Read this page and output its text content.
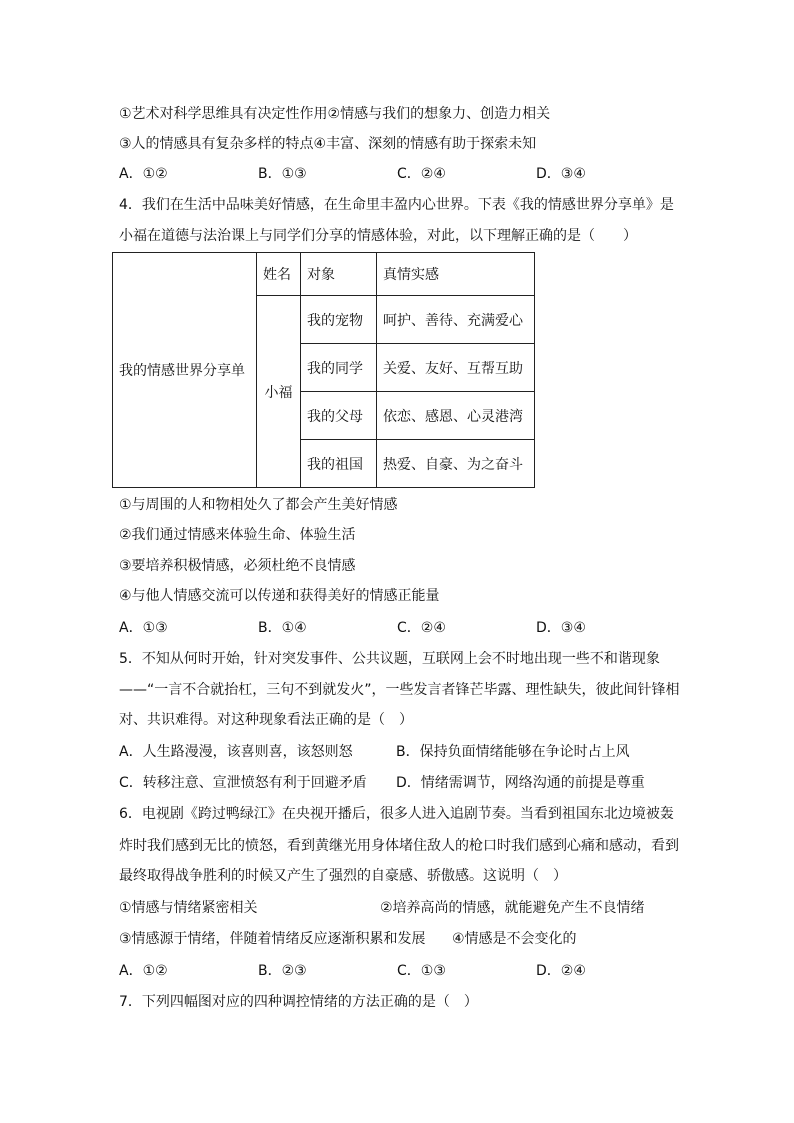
①艺术对科学思维具有决定性作用②情感与我们的想象力、创造力相关
③人的情感具有复杂多样的特点④丰富、深刻的情感有助于探索未知
A．①②	B．①③	C．②④	D．③④
4．我们在生活中品味美好情感，在生命里丰盈内心世界。下表《我的情感世界分享单》是
小福在道德与法治课上与同学们分享的情感体验，对此，以下理解正确的是（　　）
我的情感世界分享单	姓名	对象	真情实感
	小福	我的宠物	呵护、善待、充满爱心
		我的同学	关爱、友好、互帮互助
		我的父母	依恋、感恩、心灵港湾
		我的祖国	热爱、自豪、为之奋斗
①与周围的人和物相处久了都会产生美好情感
②我们通过情感来体验生命、体验生活
③要培养积极情感，必须杜绝不良情感
④与他人情感交流可以传递和获得美好的情感正能量
A．①③	B．①④	C．②④	D．③④
5．不知从何时开始，针对突发事件、公共议题，互联网上会不时地出现一些不和谐现象
——“一言不合就抬杠，三句不到就发火”，一些发言者锋芒毕露、理性缺失，彼此间针锋相
对、共识难得。对这种现象看法正确的是（　）
A．人生路漫漫，该喜则喜，该怒则怒	B．保持负面情绪能够在争论时占上风
C．转移注意、宣泄愤怒有利于回避矛盾 D．情绪需调节，网络沟通的前提是尊重
6．电视剧《跨过鸭绿江》在央视开播后，很多人进入追剧节奏。当看到祖国东北边境被轰
炸时我们感到无比的愤怒，看到黄继光用身体堵住敌人的枪口时我们感到心痛和感动，看到
最终取得战争胜利的时候又产生了强烈的自豪感、骄傲感。这说明（　）
①情感与情绪紧密相关	②培养高尚的情感，就能避免产生不良情绪
③情感源于情绪，伴随着情绪反应逐渐积累和发展 ④情感是不会变化的
A．①②	B．②③	C．①③	D．②④
7．下列四幅图对应的四种调控情绪的方法正确的是（　）
